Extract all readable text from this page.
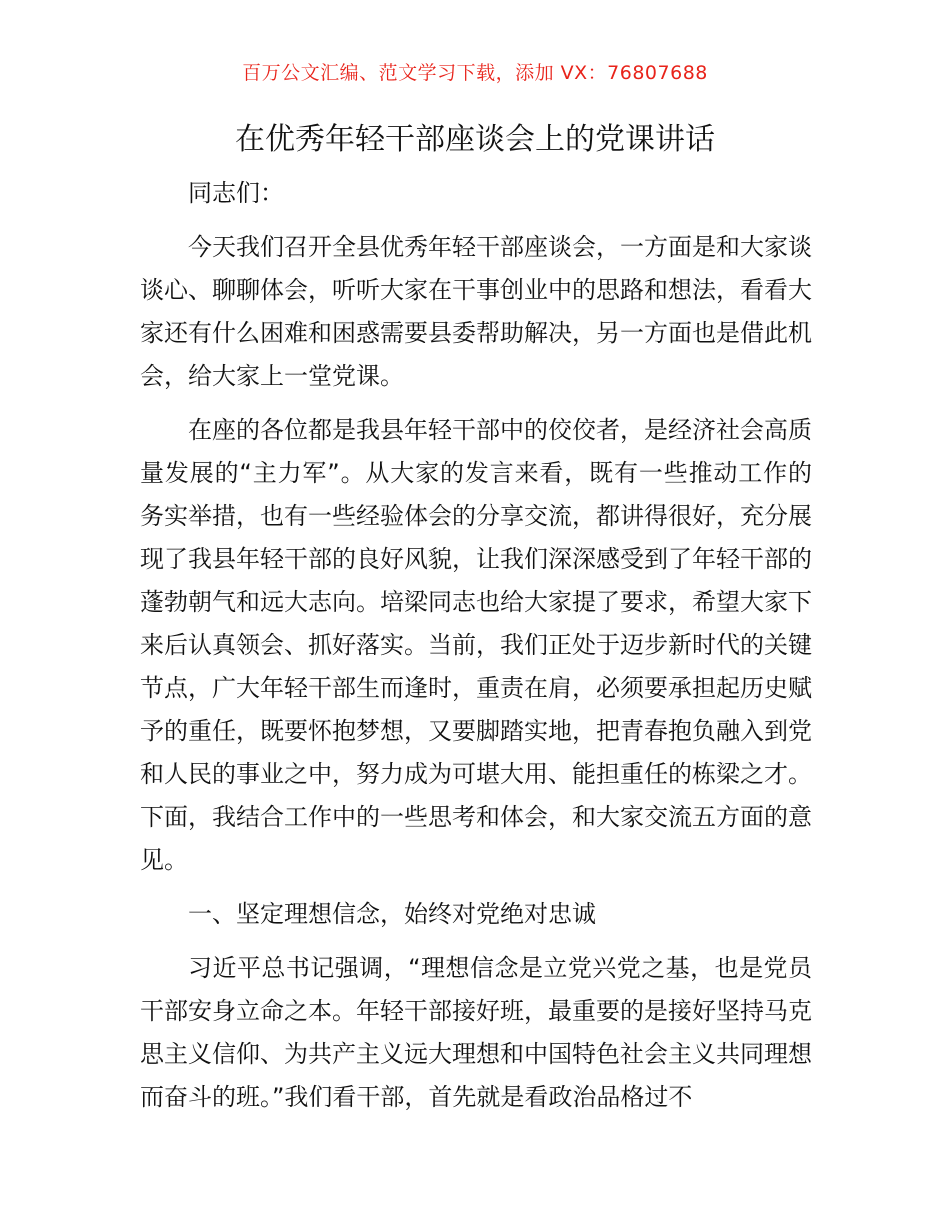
百万公文汇编、范文学习下载，添加 VX：76807688
在优秀年轻干部座谈会上的党课讲话

同志们：

今天我们召开全县优秀年轻干部座谈会，一方面是和大家谈谈心、聊聊体会，听听大家在干事创业中的思路和想法，看看大家还有什么困难和困惑需要县委帮助解决，另一方面也是借此机会，给大家上一堂党课。

在座的各位都是我县年轻干部中的佼佼者，是经济社会高质量发展的“主力军”。从大家的发言来看，既有一些推动工作的务实举措，也有一些经验体会的分享交流，都讲得很好，充分展现了我县年轻干部的良好风貌，让我们深深感受到了年轻干部的蓬勃朝气和远大志向。培梁同志也给大家提了要求，希望大家下来后认真领会、抓好落实。当前，我们正处于迈步新时代的关键节点，广大年轻干部生而逢时，重责在肩，必须要承担起历史赋予的重任，既要怀抱梦想，又要脚踏实地，把青春抱负融入到党和人民的事业之中，努力成为可堪大用、能担重任的栋梁之才。下面，我结合工作中的一些思考和体会，和大家交流五方面的意见。

一、坚定理想信念，始终对党绝对忠诚

习近平总书记强调，“理想信念是立党兴党之基，也是党员干部安身立命之本。年轻干部接好班，最重要的是接好坚持马克思主义信仰、为共产主义远大理想和中国特色社会主义共同理想而奋斗的班。”我们看干部，首先就是看政治品格过不
